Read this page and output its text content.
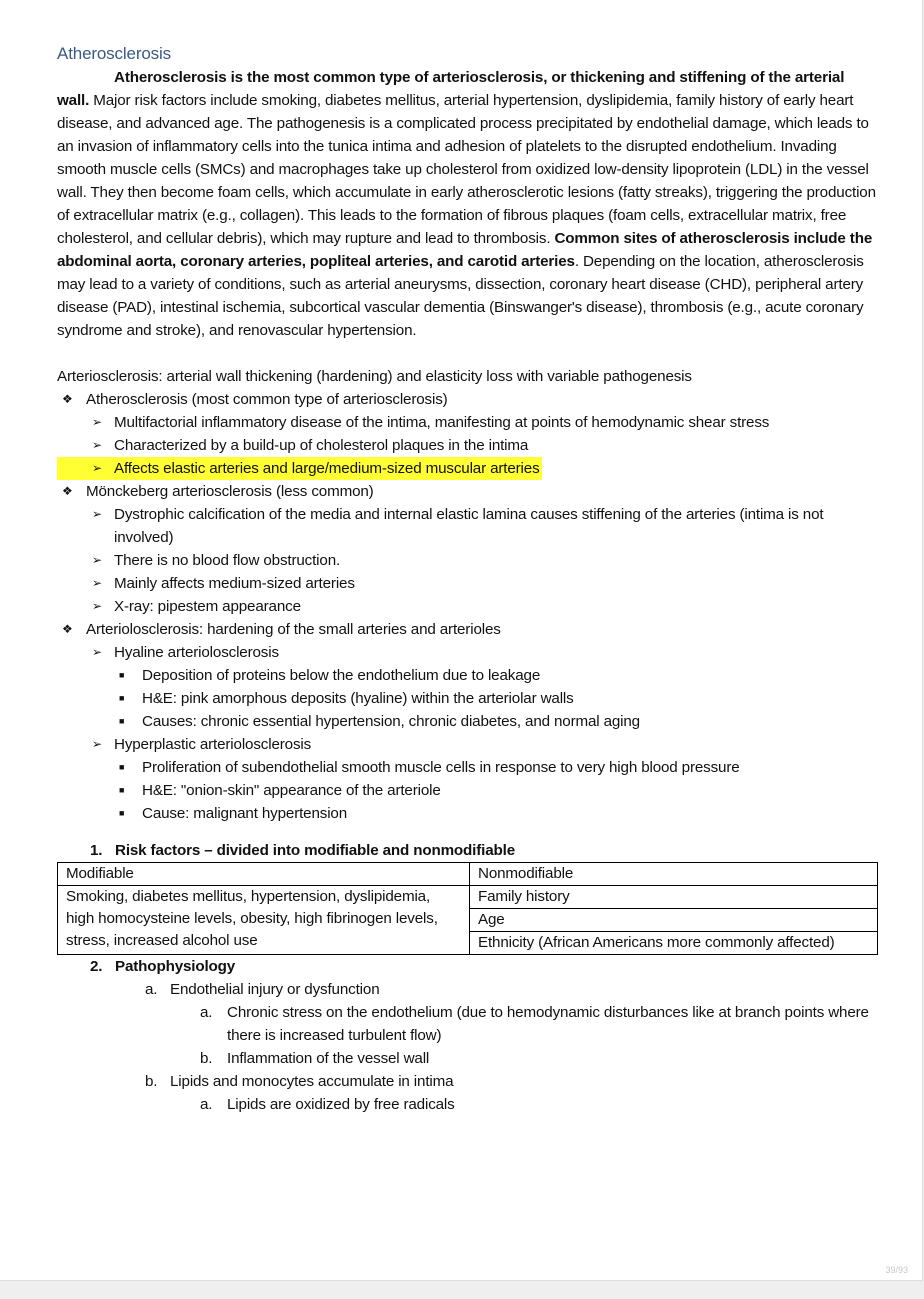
Atherosclerosis

Atherosclerosis is the most common type of arteriosclerosis, or thickening and stiffening of the arterial wall. Major risk factors include smoking, diabetes mellitus, arterial hypertension, dyslipidemia, family history of early heart disease, and advanced age. The pathogenesis is a complicated process precipitated by endothelial damage, which leads to an invasion of inflammatory cells into the tunica intima and adhesion of platelets to the disrupted endothelium. Invading smooth muscle cells (SMCs) and macrophages take up cholesterol from oxidized low-density lipoprotein (LDL) in the vessel wall. They then become foam cells, which accumulate in early atherosclerotic lesions (fatty streaks), triggering the production of extracellular matrix (e.g., collagen). This leads to the formation of fibrous plaques (foam cells, extracellular matrix, free cholesterol, and cellular debris), which may rupture and lead to thrombosis. Common sites of atherosclerosis include the abdominal aorta, coronary arteries, popliteal arteries, and carotid arteries. Depending on the location, atherosclerosis may lead to a variety of conditions, such as arterial aneurysms, dissection, coronary heart disease (CHD), peripheral artery disease (PAD), intestinal ischemia, subcortical vascular dementia (Binswanger's disease), thrombosis (e.g., acute coronary syndrome and stroke), and renovascular hypertension.

Arteriosclerosis: arterial wall thickening (hardening) and elasticity loss with variable pathogenesis

❖ Atherosclerosis (most common type of arteriosclerosis)
➢ Multifactorial inflammatory disease of the intima, manifesting at points of hemodynamic shear stress
➢ Characterized by a build-up of cholesterol plaques in the intima
➢ Affects elastic arteries and large/medium-sized muscular arteries

❖ Mönckeberg arteriosclerosis (less common)
➢ Dystrophic calcification of the media and internal elastic lamina causes stiffening of the arteries (intima is not involved)
➢ There is no blood flow obstruction.
➢ Mainly affects medium-sized arteries
➢ X-ray: pipestem appearance
❖ Arteriolosclerosis: hardening of the small arteries and arterioles
➢ Hyaline arteriolosclerosis
■ Deposition of proteins below the endothelium due to leakage
■ H&E: pink amorphous deposits (hyaline) within the arteriolar walls
■ Causes: chronic essential hypertension, chronic diabetes, and normal aging
➢ Hyperplastic arteriolosclerosis
■ Proliferation of subendothelial smooth muscle cells in response to very high blood pressure
■ H&E: "onion-skin" appearance of the arteriole
■ Cause: malignant hypertension
1. Risk factors – divided into modifiable and nonmodifiable
Modifiable	Nonmodifiable
Smoking, diabetes mellitus, hypertension, dyslipidemia, high homocysteine levels, obesity, high fibrinogen levels, stress, increased alcohol use	Family history
Age
Ethnicity (African Americans more commonly affected)
2. Pathophysiology
a. Endothelial injury or dysfunction
a. Chronic stress on the endothelium (due to hemodynamic disturbances like at branch points where there is increased turbulent flow)
b. Inflammation of the vessel wall
b. Lipids and monocytes accumulate in intima
a. Lipids are oxidized by free radicals
39/93
